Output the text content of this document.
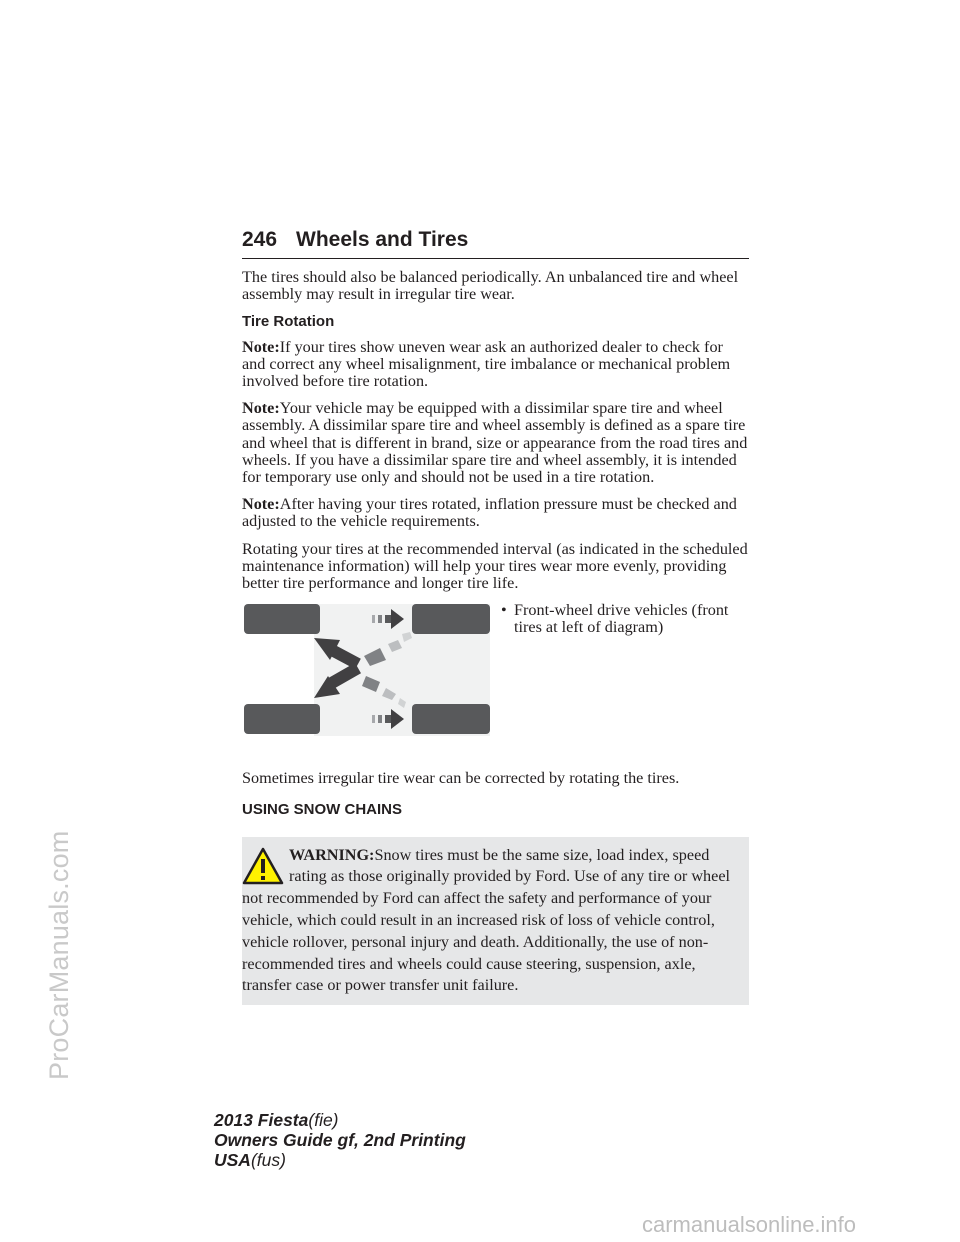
ProCarManuals.com
carmanualsonline.info
246 Wheels and Tires

The tires should also be balanced periodically. An unbalanced tire and wheel assembly may result in irregular tire wear.

Tire Rotation

Note:If your tires show uneven wear ask an authorized dealer to check for and correct any wheel misalignment, tire imbalance or mechanical problem involved before tire rotation.

Note:Your vehicle may be equipped with a dissimilar spare tire and wheel assembly. A dissimilar spare tire and wheel assembly is defined as a spare tire and wheel that is different in brand, size or appearance from the road tires and wheels. If you have a dissimilar spare tire and wheel assembly, it is intended for temporary use only and should not be used in a tire rotation.

Note:After having your tires rotated, inflation pressure must be checked and adjusted to the vehicle requirements.

Rotating your tires at the recommended interval (as indicated in the scheduled maintenance information) will help your tires wear more evenly, providing better tire performance and longer tire life.

• Front-wheel drive vehicles (front tires at left of diagram)

Sometimes irregular tire wear can be corrected by rotating the tires.

USING SNOW CHAINS
WARNING:Snow tires must be the same size, load index, speed rating as those originally provided by Ford. Use of any tire or wheel not recommended by Ford can affect the safety and performance of your vehicle, which could result in an increased risk of loss of vehicle control, vehicle rollover, personal injury and death. Additionally, the use of non-recommended tires and wheels could cause steering, suspension, axle, transfer case or power transfer unit failure.
2013 Fiesta(fie)
Owners Guide gf, 2nd Printing
USA(fus)
